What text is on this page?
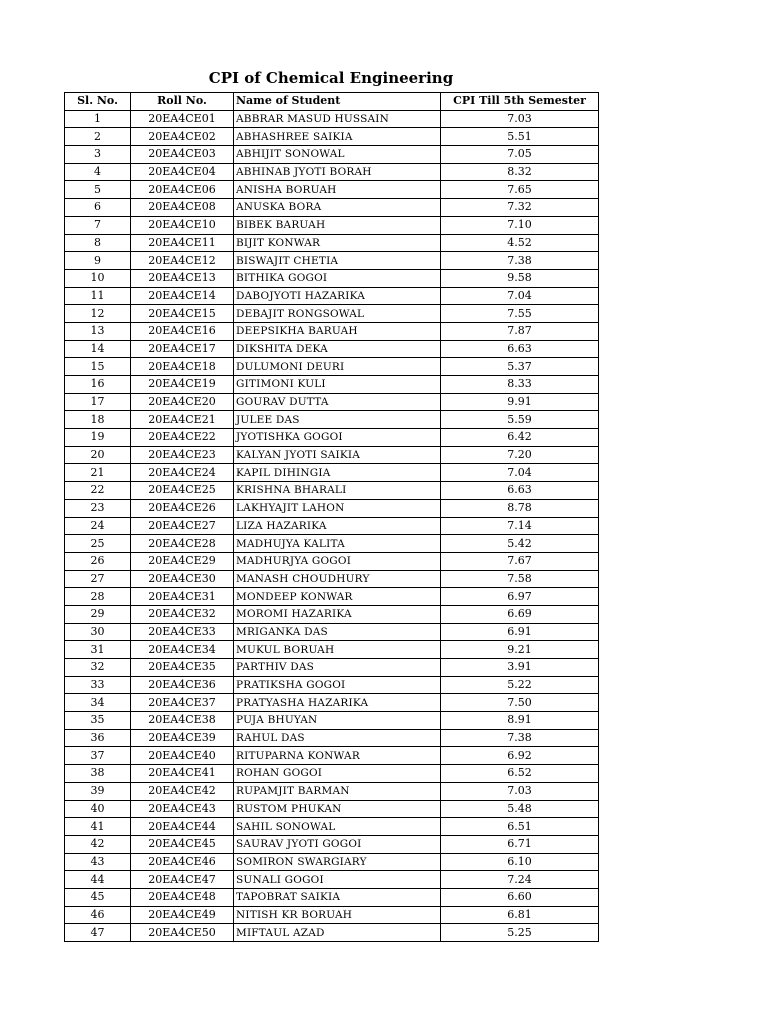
CPI of Chemical Engineering
Sl. No.	Roll No.	Name of Student	CPI Till 5th Semester
1	20EA4CE01	ABBRAR MASUD HUSSAIN	7.03
2	20EA4CE02	ABHASHREE SAIKIA	5.51
3	20EA4CE03	ABHIJIT SONOWAL	7.05
4	20EA4CE04	ABHINAB JYOTI BORAH	8.32
5	20EA4CE06	ANISHA BORUAH	7.65
6	20EA4CE08	ANUSKA BORA	7.32
7	20EA4CE10	BIBEK BARUAH	7.10
8	20EA4CE11	BIJIT KONWAR	4.52
9	20EA4CE12	BISWAJIT CHETIA	7.38
10	20EA4CE13	BITHIKA GOGOI	9.58
11	20EA4CE14	DABOJYOTI HAZARIKA	7.04
12	20EA4CE15	DEBAJIT RONGSOWAL	7.55
13	20EA4CE16	DEEPSIKHA BARUAH	7.87
14	20EA4CE17	DIKSHITA DEKA	6.63
15	20EA4CE18	DULUMONI DEURI	5.37
16	20EA4CE19	GITIMONI KULI	8.33
17	20EA4CE20	GOURAV DUTTA	9.91
18	20EA4CE21	JULEE DAS	5.59
19	20EA4CE22	JYOTISHKA GOGOI	6.42
20	20EA4CE23	KALYAN JYOTI SAIKIA	7.20
21	20EA4CE24	KAPIL DIHINGIA	7.04
22	20EA4CE25	KRISHNA BHARALI	6.63
23	20EA4CE26	LAKHYAJIT LAHON	8.78
24	20EA4CE27	LIZA HAZARIKA	7.14
25	20EA4CE28	MADHUJYA KALITA	5.42
26	20EA4CE29	MADHURJYA GOGOI	7.67
27	20EA4CE30	MANASH CHOUDHURY	7.58
28	20EA4CE31	MONDEEP KONWAR	6.97
29	20EA4CE32	MOROMI HAZARIKA	6.69
30	20EA4CE33	MRIGANKA DAS	6.91
31	20EA4CE34	MUKUL BORUAH	9.21
32	20EA4CE35	PARTHIV DAS	3.91
33	20EA4CE36	PRATIKSHA GOGOI	5.22
34	20EA4CE37	PRATYASHA HAZARIKA	7.50
35	20EA4CE38	PUJA BHUYAN	8.91
36	20EA4CE39	RAHUL DAS	7.38
37	20EA4CE40	RITUPARNA KONWAR	6.92
38	20EA4CE41	ROHAN GOGOI	6.52
39	20EA4CE42	RUPAMJIT BARMAN	7.03
40	20EA4CE43	RUSTOM PHUKAN	5.48
41	20EA4CE44	SAHIL SONOWAL	6.51
42	20EA4CE45	SAURAV JYOTI GOGOI	6.71
43	20EA4CE46	SOMIRON SWARGIARY	6.10
44	20EA4CE47	SUNALI GOGOI	7.24
45	20EA4CE48	TAPOBRAT SAIKIA	6.60
46	20EA4CE49	NITISH KR BORUAH	6.81
47	20EA4CE50	MIFTAUL AZAD	5.25
